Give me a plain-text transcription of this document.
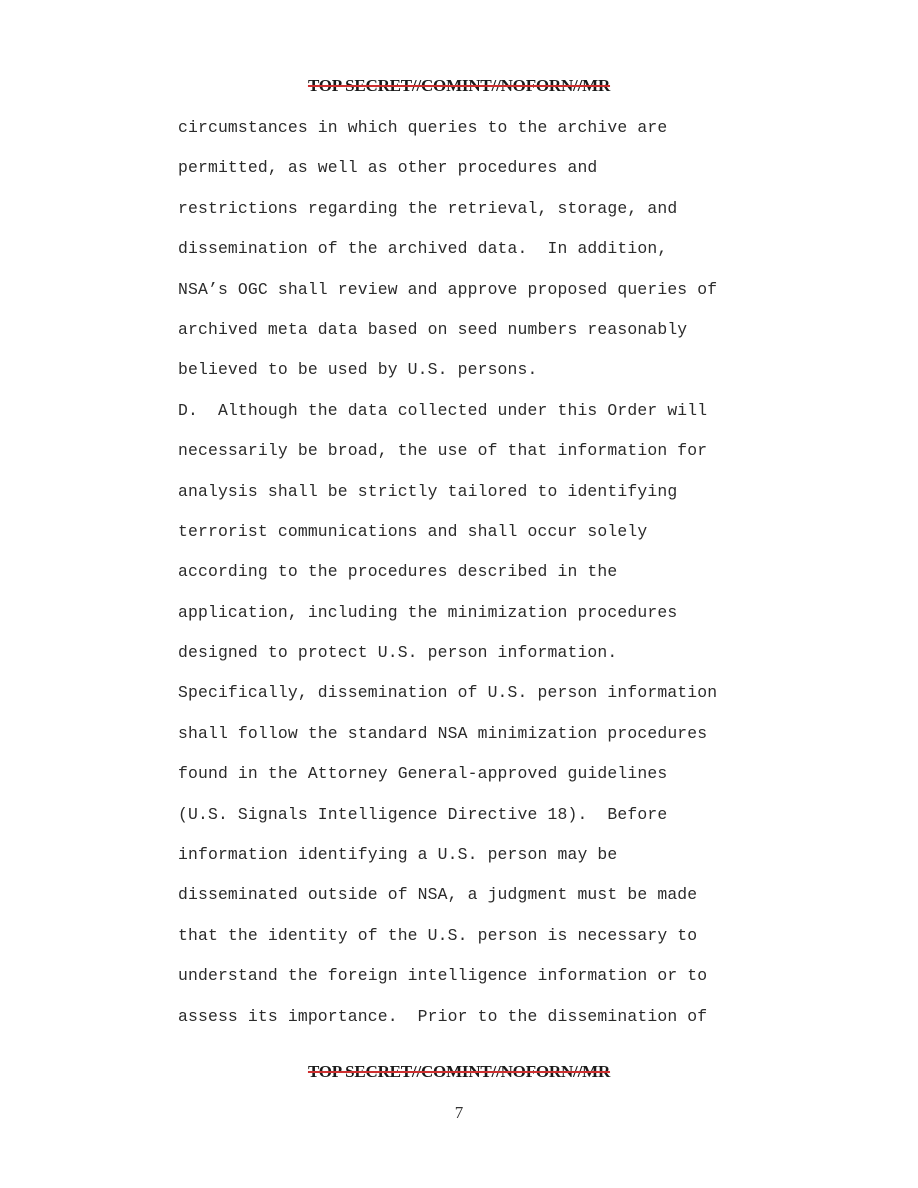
TOP SECRET//COMINT//NOFORN//MR
circumstances in which queries to the archive are
permitted, as well as other procedures and
restrictions regarding the retrieval, storage, and
dissemination of the archived data.  In addition,
NSA’s OGC shall review and approve proposed queries of
archived meta data based on seed numbers reasonably
believed to be used by U.S. persons.
D.  Although the data collected under this Order will
necessarily be broad, the use of that information for
analysis shall be strictly tailored to identifying
terrorist communications and shall occur solely
according to the procedures described in the
application, including the minimization procedures
designed to protect U.S. person information.
Specifically, dissemination of U.S. person information
shall follow the standard NSA minimization procedures
found in the Attorney General-approved guidelines
(U.S. Signals Intelligence Directive 18).  Before
information identifying a U.S. person may be
disseminated outside of NSA, a judgment must be made
that the identity of the U.S. person is necessary to
understand the foreign intelligence information or to
assess its importance.  Prior to the dissemination of
TOP SECRET//COMINT//NOFORN//MR
7
